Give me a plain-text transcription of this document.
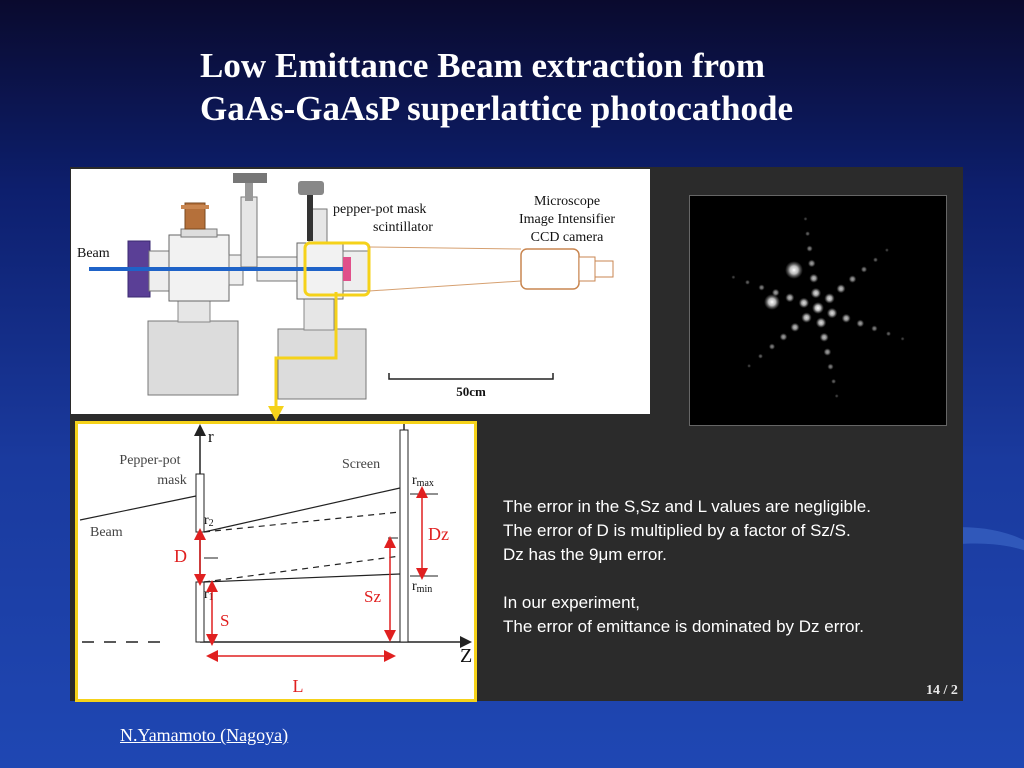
Low Emittance Beam extraction from
GaAs-GaAsP superlattice photocathode
Beam
pepper-pot mask
scintillator
Microscope
Image Intensifier
CCD camera
50cm
r
Z
Pepper-pot
mask
Screen
Beam
r2
r1
rmax
rmin
D
S
Dz
Sz
L
The error in the S,Sz and L values are negligible.
The error of D is multiplied by a factor of Sz/S.
Dz has the 9μm error.
In our experiment,
The error of emittance is dominated by Dz error.
14 / 2
N.Yamamoto (Nagoya)
